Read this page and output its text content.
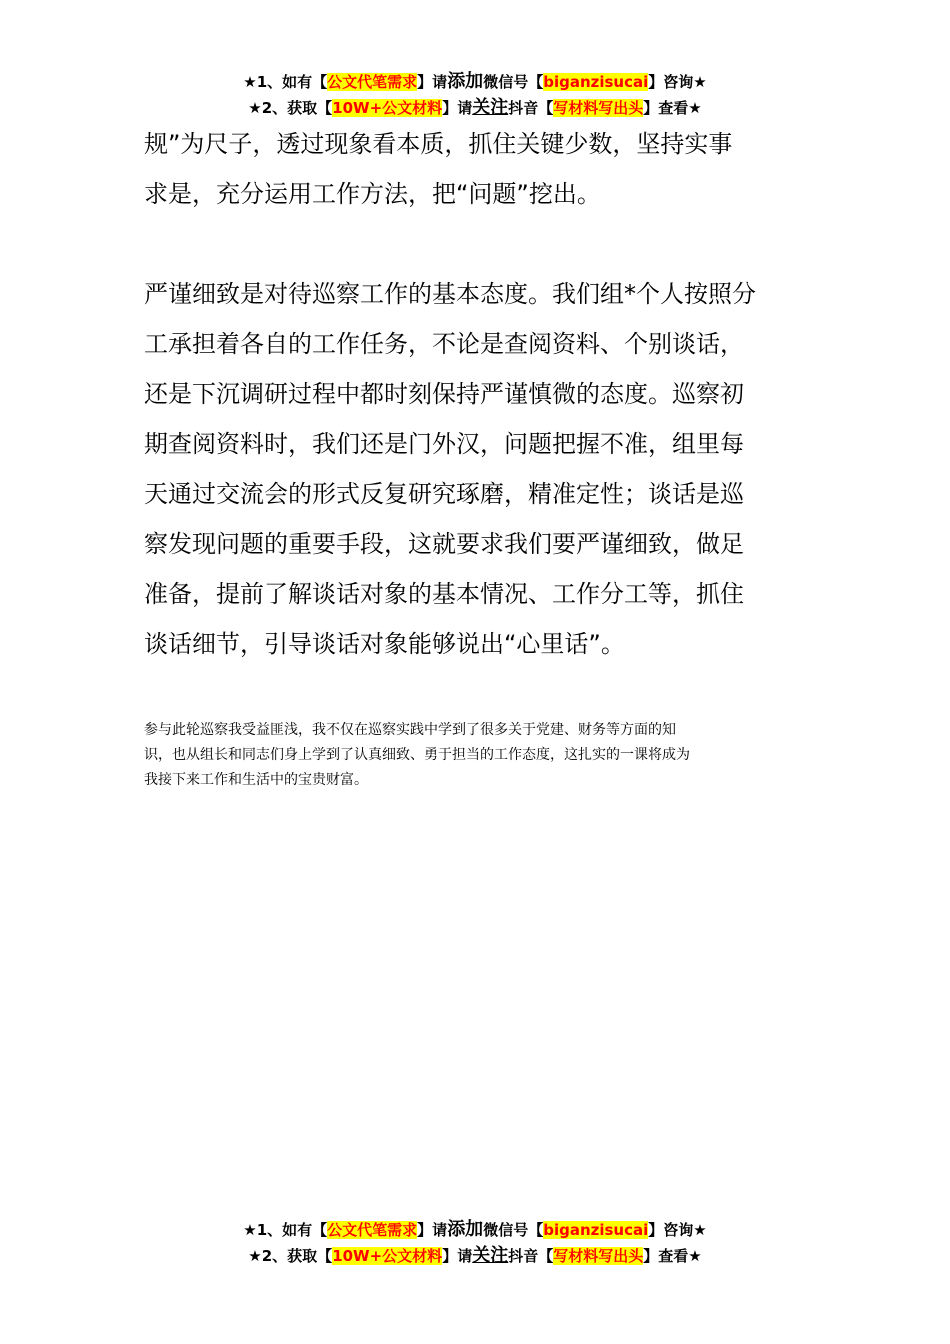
★1、如有【公文代笔需求】请添加微信号【biganzisucai】咨询★
★2、获取【10W+公文材料】请关注抖音【写材料写出头】查看★
规”为尺子，透过现象看本质，抓住关键少数，坚持实事
求是，充分运用工作方法，把“问题”挖出。
严谨细致是对待巡察工作的基本态度。我们组*个人按照分
工承担着各自的工作任务，不论是查阅资料、个别谈话，
还是下沉调研过程中都时刻保持严谨慎微的态度。巡察初
期查阅资料时，我们还是门外汉，问题把握不准，组里每
天通过交流会的形式反复研究琢磨，精准定性；谈话是巡
察发现问题的重要手段，这就要求我们要严谨细致，做足
准备，提前了解谈话对象的基本情况、工作分工等，抓住
谈话细节，引导谈话对象能够说出“心里话”。
参与此轮巡察我受益匪浅，我不仅在巡察实践中学到了很多关于党建、财务等方面的知
识，也从组长和同志们身上学到了认真细致、勇于担当的工作态度，这扎实的一课将成为
我接下来工作和生活中的宝贵财富。
★1、如有【公文代笔需求】请添加微信号【biganzisucai】咨询★
★2、获取【10W+公文材料】请关注抖音【写材料写出头】查看★
